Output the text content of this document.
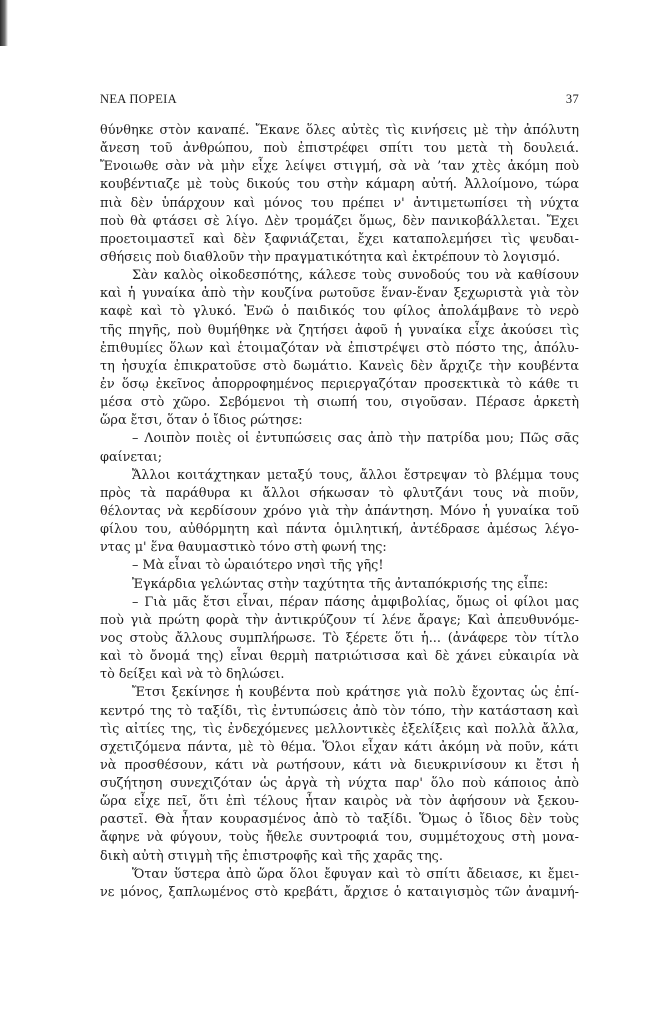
ΝΕΑ ΠΟΡΕΙΑ	37
θύνθηκε στὸν καναπέ. Ἔκανε ὅλες αὐτὲς τὶς κινήσεις μὲ τὴν ἀπόλυτη
ἄνεση τοῦ ἀνθρώπου, ποὺ ἐπιστρέφει σπίτι του μετὰ τὴ δουλειά.
Ἔνοιωθε σὰν νὰ μὴν εἶχε λείψει στιγμή, σὰ νὰ ’ταν χτὲς ἀκόμη ποὺ
κουβέντιαζε μὲ τοὺς δικούς του στὴν κάμαρη αὐτή. Ἀλλοίμονο, τώρα
πιὰ δὲν ὑπάρχουν καὶ μόνος του πρέπει ν' ἀντιμετωπίσει τὴ νύχτα
ποὺ θὰ φτάσει σὲ λίγο. Δὲν τρομάζει ὅμως, δὲν πανικοβάλλεται. Ἔχει
προετοιμαστεῖ καὶ δὲν ξαφνιάζεται, ἔχει καταπολεμήσει τὶς ψευδαι-
σθήσεις ποὺ διαθλοῦν τὴν πραγματικότητα καὶ ἐκτρέπουν τὸ λογισμό.
Σὰν καλὸς οἰκοδεσπότης, κάλεσε τοὺς συνοδούς του νὰ καθίσουν
καὶ ἡ γυναίκα ἀπὸ τὴν κουζίνα ρωτοῦσε ἕναν-ἕναν ξεχωριστὰ γιὰ τὸν
καφὲ καὶ τὸ γλυκό. Ἐνῶ ὁ παιδικός του φίλος ἀπολάμβανε τὸ νερὸ
τῆς πηγῆς, ποὺ θυμήθηκε νὰ ζητήσει ἀφοῦ ἡ γυναίκα εἶχε ἀκούσει τὶς
ἐπιθυμίες ὅλων καὶ ἑτοιμαζόταν νὰ ἐπιστρέψει στὸ πόστο της, ἀπόλυ-
τη ἡσυχία ἐπικρατοῦσε στὸ δωμάτιο. Κανεὶς δὲν ἄρχιζε τὴν κουβέντα
ἐν ὅσῳ ἐκεῖνος ἀπορροφημένος περιεργαζόταν προσεκτικὰ τὸ κάθε τι
μέσα στὸ χῶρο. Σεβόμενοι τὴ σιωπή του, σιγοῦσαν. Πέρασε ἀρκετὴ
ὥρα ἔτσι, ὅταν ὁ ἴδιος ρώτησε:
– Λοιπὸν ποιὲς οἱ ἐντυπώσεις σας ἀπὸ τὴν πατρίδα μου; Πῶς σᾶς
φαίνεται;
Ἄλλοι κοιτάχτηκαν μεταξύ τους, ἄλλοι ἔστρεψαν τὸ βλέμμα τους
πρὸς τὰ παράθυρα κι ἄλλοι σήκωσαν τὸ φλυτζάνι τους νὰ πιοῦν,
θέλοντας νὰ κερδίσουν χρόνο γιὰ τὴν ἀπάντηση. Μόνο ἡ γυναίκα τοῦ
φίλου του, αὐθόρμητη καὶ πάντα ὁμιλητική, ἀντέδρασε ἀμέσως λέγο-
ντας μ' ἕνα θαυμαστικὸ τόνο στὴ φωνή της:
– Μὰ εἶναι τὸ ὡραιότερο νησὶ τῆς γῆς!
Ἐγκάρδια γελώντας στὴν ταχύτητα τῆς ἀνταπόκρισής της εἶπε:
– Γιὰ μᾶς ἔτσι εἶναι, πέραν πάσης ἀμφιβολίας, ὅμως οἱ φίλοι μας
ποὺ γιὰ πρώτη φορὰ τὴν ἀντικρύζουν τί λένε ἄραγε; Καὶ ἀπευθυνόμε-
νος στοὺς ἄλλους συμπλήρωσε. Τὸ ξέρετε ὅτι ἡ... (ἀνάφερε τὸν τίτλο
καὶ τὸ ὄνομά της) εἶναι θερμὴ πατριώτισσα καὶ δὲ χάνει εὐκαιρία νὰ
τὸ δείξει καὶ νὰ τὸ δηλώσει.
Ἔτσι ξεκίνησε ἡ κουβέντα ποὺ κράτησε γιὰ πολὺ ἔχοντας ὡς ἐπί-
κεντρό της τὸ ταξίδι, τὶς ἐντυπώσεις ἀπὸ τὸν τόπο, τὴν κατάσταση καὶ
τὶς αἰτίες της, τὶς ἐνδεχόμενες μελλοντικὲς ἐξελίξεις καὶ πολλὰ ἄλλα,
σχετιζόμενα πάντα, μὲ τὸ θέμα. Ὅλοι εἶχαν κάτι ἀκόμη νὰ ποῦν, κάτι
νὰ προσθέσουν, κάτι νὰ ρωτήσουν, κάτι νὰ διευκρινίσουν κι ἔτσι ἡ
συζήτηση συνεχιζόταν ὡς ἀργὰ τὴ νύχτα παρ' ὅλο ποὺ κάποιος ἀπὸ
ὥρα εἶχε πεῖ, ὅτι ἐπὶ τέλους ἦταν καιρὸς νὰ τὸν ἀφήσουν νὰ ξεκου-
ραστεῖ. Θὰ ἦταν κουρασμένος ἀπὸ τὸ ταξίδι. Ὅμως ὁ ἴδιος δὲν τοὺς
ἄφηνε νὰ φύγουν, τοὺς ἤθελε συντροφιά του, συμμέτοχους στὴ μονα-
δικὴ αὐτὴ στιγμὴ τῆς ἐπιστροφῆς καὶ τῆς χαρᾶς της.
Ὅταν ὕστερα ἀπὸ ὥρα ὅλοι ἔφυγαν καὶ τὸ σπίτι ἄδειασε, κι ἔμει-
νε μόνος, ξαπλωμένος στὸ κρεβάτι, ἄρχισε ὁ καταιγισμὸς τῶν ἀναμνή-
